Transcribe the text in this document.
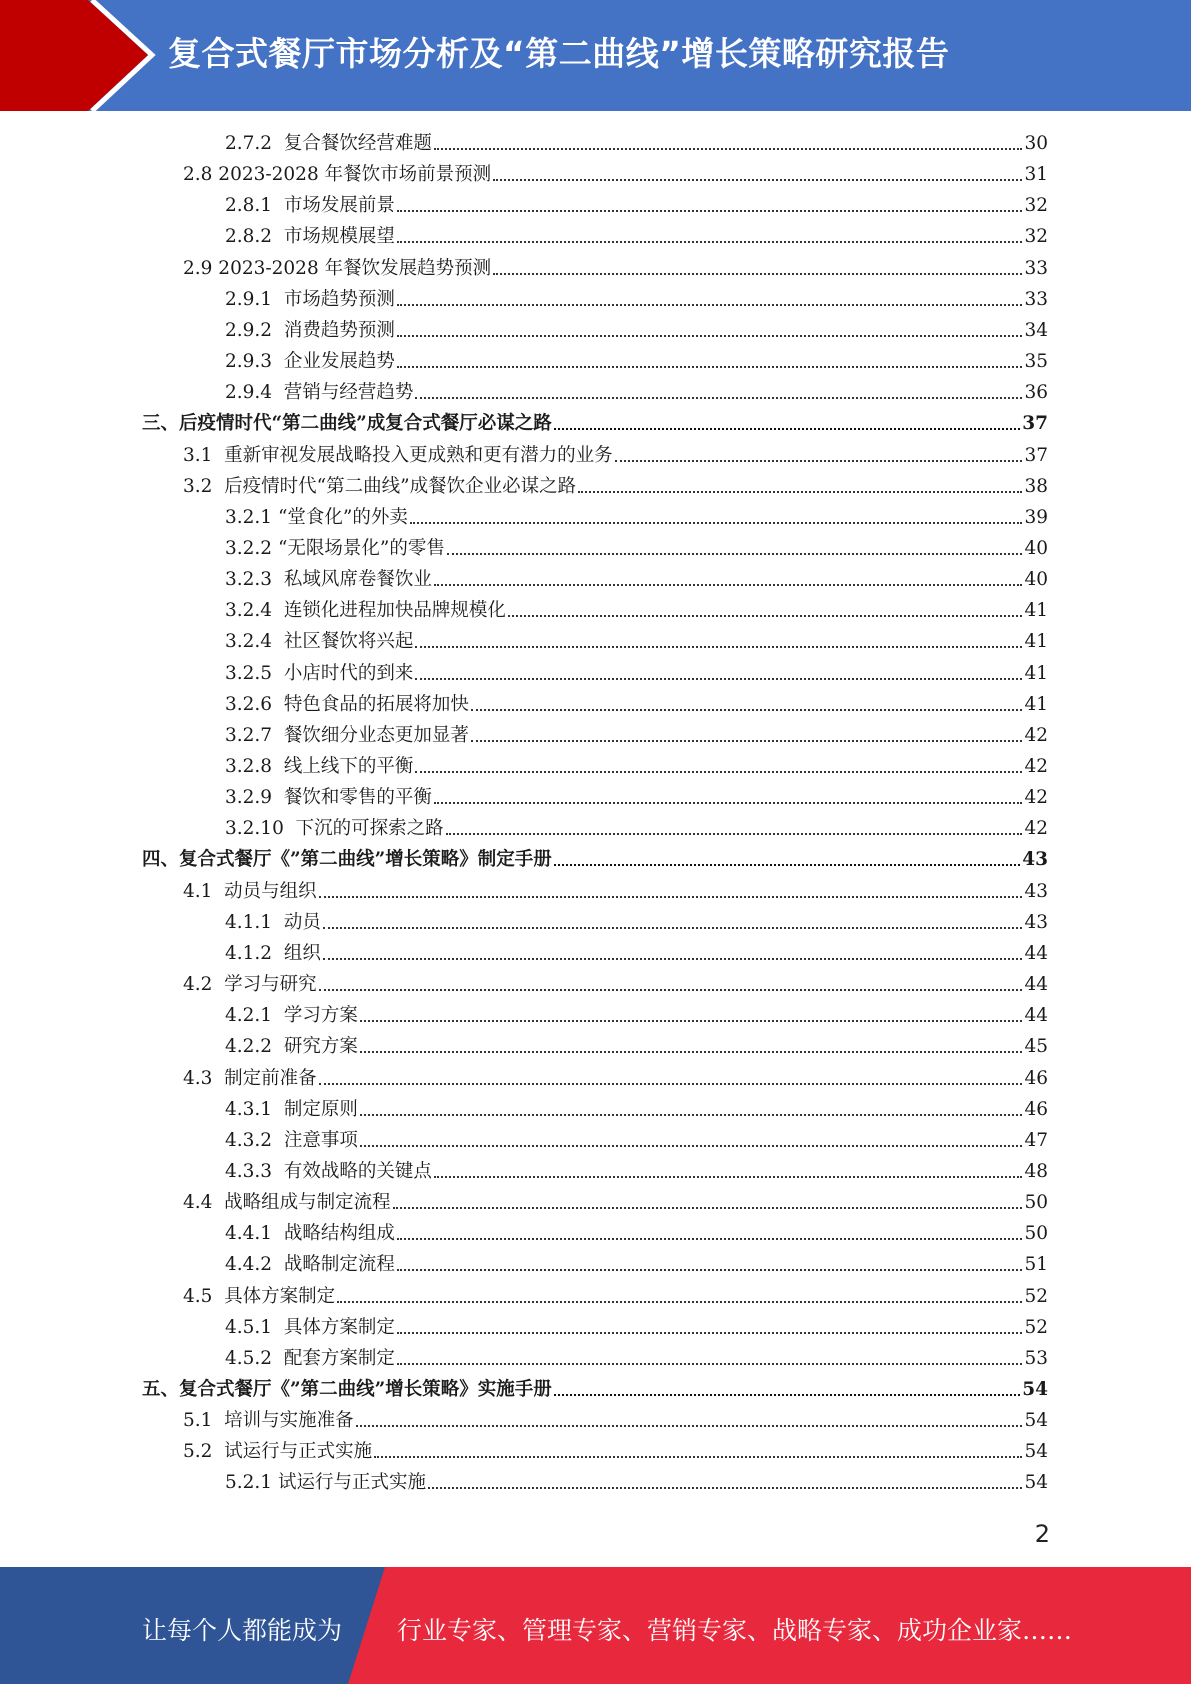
复合式餐厅市场分析及“第二曲线”增长策略研究报告
2.7.2  复合餐饮经营难题	30
2.8 2023-2028 年餐饮市场前景预测	31
2.8.1  市场发展前景	32
2.8.2  市场规模展望	32
2.9 2023-2028 年餐饮发展趋势预测	33
2.9.1  市场趋势预测	33
2.9.2  消费趋势预测	34
2.9.3  企业发展趋势	35
2.9.4  营销与经营趋势	36
三、后疫情时代“第二曲线”成复合式餐厅必谋之路	37
3.1  重新审视发展战略投入更成熟和更有潜力的业务	37
3.2  后疫情时代“第二曲线”成餐饮企业必谋之路	38
3.2.1 “堂食化”的外卖	39
3.2.2 “无限场景化”的零售	40
3.2.3  私域风席卷餐饮业	40
3.2.4  连锁化进程加快品牌规模化	41
3.2.4  社区餐饮将兴起	41
3.2.5  小店时代的到来	41
3.2.6  特色食品的拓展将加快	41
3.2.7  餐饮细分业态更加显著	42
3.2.8  线上线下的平衡	42
3.2.9  餐饮和零售的平衡	42
3.2.10  下沉的可探索之路	42
四、复合式餐厅《”第二曲线”增长策略》制定手册	43
4.1  动员与组织	43
4.1.1  动员	43
4.1.2  组织	44
4.2  学习与研究	44
4.2.1  学习方案	44
4.2.2  研究方案	45
4.3  制定前准备	46
4.3.1  制定原则	46
4.3.2  注意事项	47
4.3.3  有效战略的关键点	48
4.4  战略组成与制定流程	50
4.4.1  战略结构组成	50
4.4.2  战略制定流程	51
4.5  具体方案制定	52
4.5.1  具体方案制定	52
4.5.2  配套方案制定	53
五、复合式餐厅《”第二曲线”增长策略》实施手册	54
5.1  培训与实施准备	54
5.2  试运行与正式实施	54
5.2.1 试运行与正式实施	54
2
让每个人都能成为 行业专家、管理专家、营销专家、战略专家、成功企业家……
